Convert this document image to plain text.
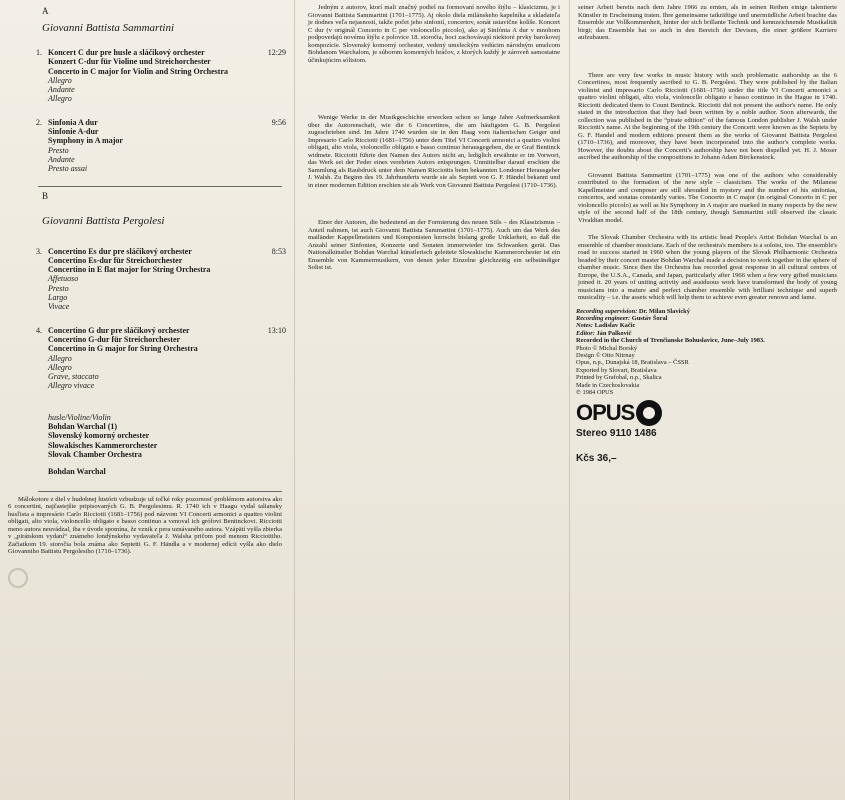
A
Giovanni Battista Sammartini
1. Koncert C dur pre husle a sláčikový orchester
Konzert C-dur für Violine und Streichorchester
Concerto in C major for Violin and String Orchestra
12:29
Allegro
Andante
Allegro
2. Sinfonia A dur
Sinfonie A-dur
Symphony in A major
9:56
Presto
Andante
Presto assai
B
Giovanni Battista Pergolesi
3. Concertino Es dur pre sláčikový orchester
Concertino Es-dur für Streichorchester
Concertino in E flat major for String Orchestra
8:53
Affetuoso
Presto
Largo
Vivace
4. Concertino G dur pre sláčikový orchester
Concertino G-dur für Streichorchester
Concertino in G major for String Orchestra
13:10
Allegro
Allegro
Grave, staccato
Allegro vivace
husle/Violine/Violin
Bohdan Warchal (1)
Slovenský komorný orchester
Slowakisches Kammerorchester
Slovak Chamber Orchestra
Bohdan Warchal

Málokotore z diel v hudobnej histórii vzbudzuje už toľké roky pozornosť problémom autorstva ako 6 concertini, najčastejšie pripisovaných G. B. Pergolesimu. R. 1740 ich v Haagu vydal taliansky husľista a impresário Carlo Ricciotti (1681–1756) pod názvom VI Concerti armonici a quattro violini obligati, alto viola, violoncello obligato e basso continuo a venoval ich grófovi Bentinckovi. Ricciotti meno autora neuvádzal, iba v úvode spomína, že vznik z pera uznávaného autora. Vzápätí vyšla zbierka v „pirátskom vydaní“ známeho londýnskeho vydavateľa J. Walsha pričom pod menom Ricciottiho. Začiatkom 19. storočia bola známa ako Septetti G. F. Händla a v modernej edícii vyšla ako dielo Giovanniho Battistu Pergolesiho (1710–1736).

Jedným z autorov, ktorí mali značný podiel na formovaní nového štýlu – klasicizmu, je i Giovanni Battista Sammartini (1701–1775). Aj okolo diela milánskeho kapelníka a skladateľa je dodnes veľa nejasností, takže počet jeho sinfonií, concertov, sonát ustavične kolíše. Koncert C dur (v originál Concerto in C per violoncello piccolo), ako aj Sinfónia A dur v mnohom podpovedajú novému štýlu z polovice 18. storočia, hoci zachovávajú niektoré prvky barokovej kompozície. Slovenský komorný orchester, vedený umeleckým vedúcim národným umelcom Bohdanom Warchalom, je súborom komorných hráčov, z ktorých každý je zároveň samostatne účinkujúcim sólistom.

Wenige Werke in der Musikgeschichte erwecken schon so lange Jahre Aufmerksamkeit über die Autorenschaft, wie die 6 Concertinos, die am häufigsten G. B. Pergolesi zugeschrieben sind. Im Jahre 1740 wurden sie in den Haag vom italienischen Geiger und Impresario Carlo Ricciotti (1681–1756) unter dem Titel VI Concerti armonici a quattro violini obligati, alto viola, violoncello obligato e basso continuo herausgegeben, die er Graf Bentinck widmete. Ricciotti führte den Namen des Autors nicht an, lediglich erwähnte er im Vorwort, das Werk sei der Feder eines verehrten Autors entsprungen. Unmittelbar darauf erschien die Sammlung als Raubdruck unter dem Namen Ricciottis beim bekannten Londoner Herausgeber J. Walsh. Zu Beginn des 19. Jahrhunderts wurde sie als Septett von G. F. Händel bekannt und in einer modernen Edition erschien sie als Werk von Giovanni Battista Pergolesi (1710–1736).

Einer der Autoren, die bedeutend an der Formierung des neuen Stils – des Klassizismus – Anteil nahmen, ist auch Giovanni Battista Sammartini (1701–1775). Auch um das Werk des mailänder Kappellmeisters und Komponisten herrscht bislang große Unklarheit, so daß die Anzahl seiner Sinfonien, Konzerte und Sonaten immerwieder ins Schwanken gerät. Das Nationalkünstler Bohdan Warchal künstlerisch geleitete Slowakische Kammerorchester ist ein Ensemble von Kammermusikern, von denen jeder Einzelne gleichzeitig ein selbständiger Solist ist.

seiner Arbeit bereits nach dem Jahre 1966 zu ernten, als in seinen Reihen einige talentierte Künstler in Erscheinung traten. Ihre gemeinsame tatkräftige und unermüdliche Arbeit brachte das Ensemble zur Vollkommenheit, hinter der sich brillante Technik und kennzeichnende Musikalität birgt; das Ensemble hat so auch in den Bereich der Devisen, die einer größere Karriere aufzubauen.

There are very few works in music history with such problematic authorship as the 6 Concertinos, most frequently ascribed to G. B. Pergolesi. They were published by the Italian violinist and impresario Carlo Ricciotti (1681–1756) under the title VI Concerti armonici a quattro violini obligati, alto viola, violoncello obligato e basso continuo in the Hague in 1740. Ricciotti dedicated them to Count Bentinck. Ricciotti did not present the author's name. He only stated in the introduction that they had been written by a noble author. Soon afterwards, the collection was published in the “pirate edition” of the famous London publisher J. Walsh under Ricciotti's name. At the beginning of the 19th century the Concerti were known as the Septets by G. F. Handel and modern editions present them as the works of Giovanni Battista Pergolesi (1710–1736), and moreover, they have been incorporated into the author's complete works. However, the doubts about the Concerti's authorship have not been dispelled yet. H. J. Moser ascribed the authorship of the compositions to Johann Adam Birckenstock.

Giovanni Battista Sammartini (1701–1775) was one of the authors who considerably contributed to the formation of the new style – classicism. The works of the Milanese Kapellmeister and composer are still shrouded in mystery and the number of his sinfonias, concertos, and sonatas constantly varies. The Concerto in C major (in original Concerto in C per violoncello piccolo) as well as his Symphony in A major are marked in many respects by the new style of the second half of the 18th century, though Sammartini still observed the classic Vivaldian model.

The Slovak Chamber Orchestra with its artistic head People's Artist Bohdan Warchal is an ensemble of chamber musicians. Each of the orchestra's members is a soloist, too. The ensemble's road to success started in 1960 when the young players of the Slovak Philharmonic Orchestra headed by their concert master Bohdan Warchal made a decision to work together in the sphere of chamber music. Since then the Orchestra has recorded great response in all cultural centres of Europe, the U.S.A., Canada, and Japan, particularly after 1966 when a few very gifted musicians joined it. 20 years of uniting activity and assiduous work have transformed the body of young musicians into a mature and perfect chamber ensemble with brilliant technique and superb musicality – i.e. the assets which will help them to achieve even greater renown and fame.

Recording supervision: Dr. Milan Slavický
Recording engineer: Gustáv Šoral
Notes: Ladislav Kačic
Editor: Ján Palkovič
Recorded in the Church of Trenčianske Bohuslavice, June–July 1983.
Photo © Michal Borský
Design © Otto Nitrnay
Opus, n.p., Dunajská 18, Bratislava – ČSSR
Exported by Slovart, Bratislava
Printed by Grafobal, n.p., Skalica
Made in Czechoslovakia
℗ 1984 OPUS
OPUS
Stereo 9110 1486
Kčs 36,–
